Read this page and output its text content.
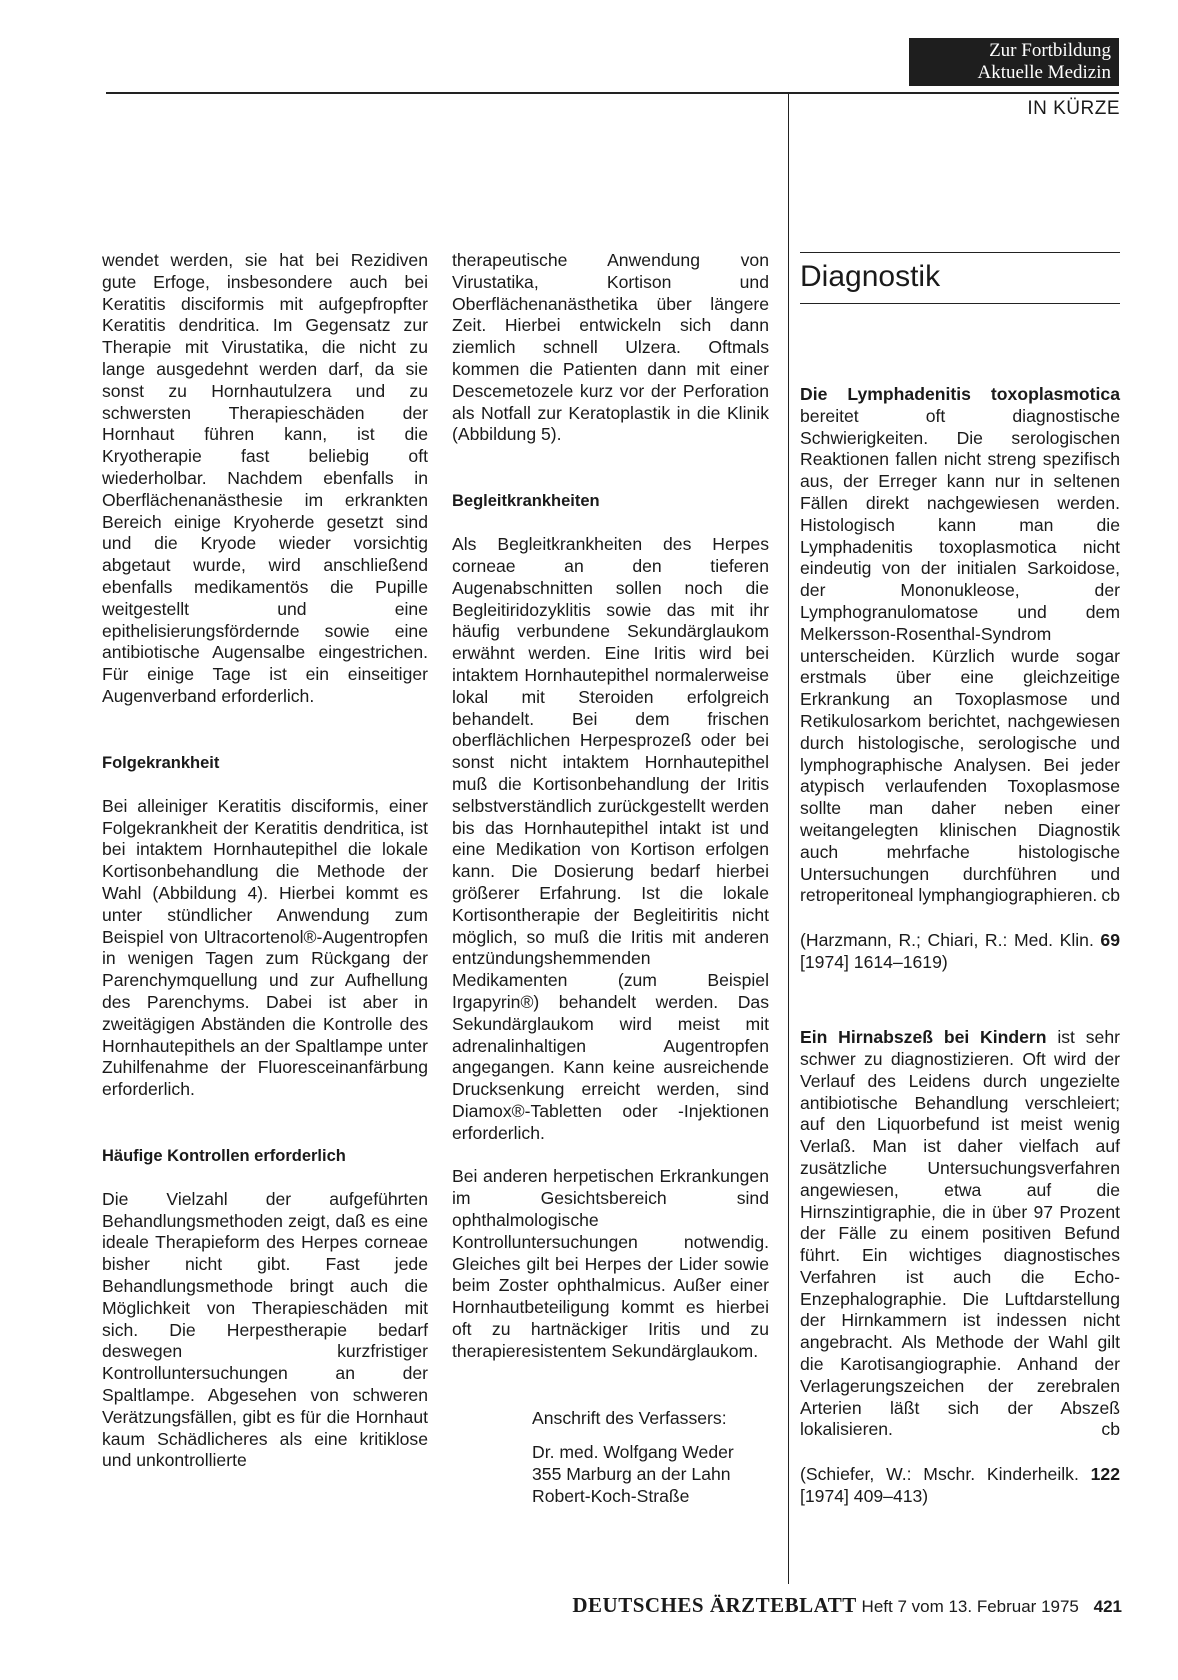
Zur Fortbildung
Aktuelle Medizin
IN KÜRZE

wendet werden, sie hat bei Rezidiven gute Erfoge, insbesondere auch bei Keratitis disciformis mit aufgepfropfter Keratitis dendritica. Im Gegensatz zur Therapie mit Virustatika, die nicht zu lange ausgedehnt werden darf, da sie sonst zu Hornhautulzera und zu schwersten Therapieschäden der Hornhaut führen kann, ist die Kryotherapie fast beliebig oft wiederholbar. Nachdem ebenfalls in Oberflächenanästhesie im erkrankten Bereich einige Kryoherde gesetzt sind und die Kryode wieder vorsichtig abgetaut wurde, wird anschließend ebenfalls medikamentös die Pupille weitgestellt und eine epithelisierungsfördernde sowie eine antibiotische Augensalbe eingestrichen. Für einige Tage ist ein einseitiger Augenverband erforderlich.

Folgekrankheit

Bei alleiniger Keratitis disciformis, einer Folgekrankheit der Keratitis dendritica, ist bei intaktem Hornhautepithel die lokale Kortisonbehandlung die Methode der Wahl (Abbildung 4). Hierbei kommt es unter stündlicher Anwendung zum Beispiel von Ultracortenol®-Augentropfen in wenigen Tagen zum Rückgang der Parenchymquellung und zur Aufhellung des Parenchyms. Dabei ist aber in zweitägigen Abständen die Kontrolle des Hornhautepithels an der Spaltlampe unter Zuhilfenahme der Fluoresceinanfärbung erforderlich.

Häufige Kontrollen erforderlich

Die Vielzahl der aufgeführten Behandlungsmethoden zeigt, daß es eine ideale Therapieform des Herpes corneae bisher nicht gibt. Fast jede Behandlungsmethode bringt auch die Möglichkeit von Therapieschäden mit sich. Die Herpestherapie bedarf deswegen kurzfristiger Kontrolluntersuchungen an der Spaltlampe. Abgesehen von schweren Verätzungsfällen, gibt es für die Hornhaut kaum Schädlicheres als eine kritiklose und unkontrollierte

therapeutische Anwendung von Virustatika, Kortison und Oberflächenanästhetika über längere Zeit. Hierbei entwickeln sich dann ziemlich schnell Ulzera. Oftmals kommen die Patienten dann mit einer Descemetozele kurz vor der Perforation als Notfall zur Keratoplastik in die Klinik (Abbildung 5).

Begleitkrankheiten

Als Begleitkrankheiten des Herpes corneae an den tieferen Augenabschnitten sollen noch die Begleitiridozyklitis sowie das mit ihr häufig verbundene Sekundärglaukom erwähnt werden. Eine Iritis wird bei intaktem Hornhautepithel normalerweise lokal mit Steroiden erfolgreich behandelt. Bei dem frischen oberflächlichen Herpesprozeß oder bei sonst nicht intaktem Hornhautepithel muß die Kortisonbehandlung der Iritis selbstverständlich zurückgestellt werden bis das Hornhautepithel intakt ist und eine Medikation von Kortison erfolgen kann. Die Dosierung bedarf hierbei größerer Erfahrung. Ist die lokale Kortisontherapie der Begleitiritis nicht möglich, so muß die Iritis mit anderen entzündungshemmenden Medikamenten (zum Beispiel Irgapyrin®) behandelt werden. Das Sekundärglaukom wird meist mit adrenalinhaltigen Augentropfen angegangen. Kann keine ausreichende Drucksenkung erreicht werden, sind Diamox®-Tabletten oder -Injektionen erforderlich.

Bei anderen herpetischen Erkrankungen im Gesichtsbereich sind ophthalmologische Kontrolluntersuchungen notwendig. Gleiches gilt bei Herpes der Lider sowie beim Zoster ophthalmicus. Außer einer Hornhautbeteiligung kommt es hierbei oft zu hartnäckiger Iritis und zu therapieresistentem Sekundärglaukom.

Anschrift des Verfassers:
Dr. med. Wolfgang Weder
355 Marburg an der Lahn
Robert-Koch-Straße
Diagnostik

Die Lymphadenitis toxoplasmotica bereitet oft diagnostische Schwierigkeiten. Die serologischen Reaktionen fallen nicht streng spezifisch aus, der Erreger kann nur in seltenen Fällen direkt nachgewiesen werden. Histologisch kann man die Lymphadenitis toxoplasmotica nicht eindeutig von der initialen Sarkoidose, der Mononukleose, der Lymphogranulomatose und dem Melkersson-Rosenthal-Syndrom unterscheiden. Kürzlich wurde sogar erstmals über eine gleichzeitige Erkrankung an Toxoplasmose und Retikulosarkom berichtet, nachgewiesen durch histologische, serologische und lymphographische Analysen. Bei jeder atypisch verlaufenden Toxoplasmose sollte man daher neben einer weitangelegten klinischen Diagnostik auch mehrfache histologische Untersuchungen durchführen und retroperitoneal lymphangiographieren. cb

(Harzmann, R.; Chiari, R.: Med. Klin. 69 [1974] 1614–1619)

Ein Hirnabszeß bei Kindern ist sehr schwer zu diagnostizieren. Oft wird der Verlauf des Leidens durch ungezielte antibiotische Behandlung verschleiert; auf den Liquorbefund ist meist wenig Verlaß. Man ist daher vielfach auf zusätzliche Untersuchungsverfahren angewiesen, etwa auf die Hirnszintigraphie, die in über 97 Prozent der Fälle zu einem positiven Befund führt. Ein wichtiges diagnostisches Verfahren ist auch die Echo-Enzephalographie. Die Luftdarstellung der Hirnkammern ist indessen nicht angebracht. Als Methode der Wahl gilt die Karotisangiographie. Anhand der Verlagerungszeichen der zerebralen Arterien läßt sich der Abszeß lokalisieren.	cb

(Schiefer, W.: Mschr. Kinderheilk. 122 [1974] 409–413)

DEUTSCHES ÄRZTEBLATT Heft 7 vom 13. Februar 1975 421
